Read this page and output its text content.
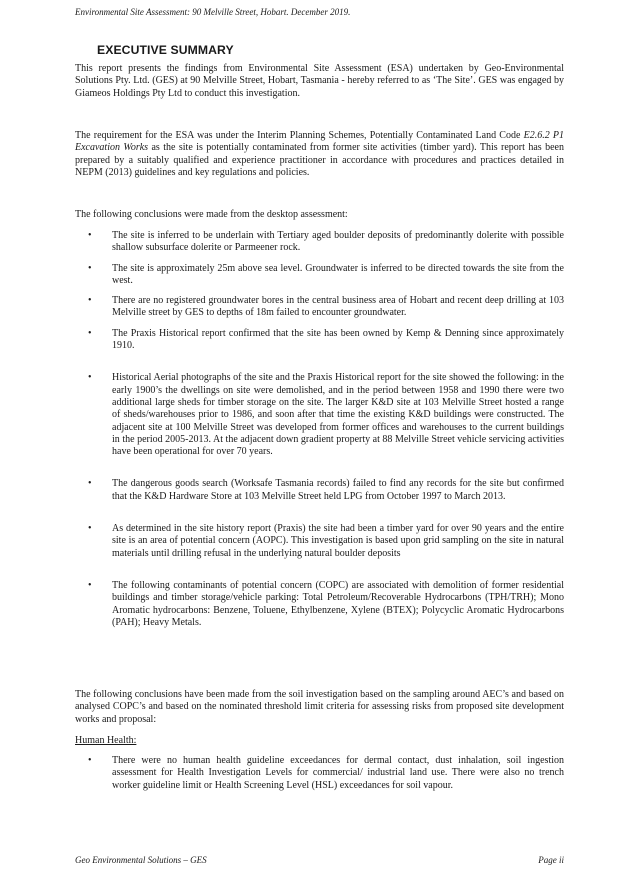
Environmental Site Assessment: 90 Melville Street, Hobart. December 2019.
EXECUTIVE SUMMARY

This report presents the findings from Environmental Site Assessment (ESA) undertaken by Geo-Environmental Solutions Pty. Ltd. (GES) at 90 Melville Street, Hobart, Tasmania - hereby referred to as ‘The Site’. GES was engaged by Giameos Holdings Pty Ltd to conduct this investigation.

The requirement for the ESA was under the Interim Planning Schemes, Potentially Contaminated Land Code E2.6.2 P1 Excavation Works as the site is potentially contaminated from former site activities (timber yard). This report has been prepared by a suitably qualified and experience practitioner in accordance with procedures and practices detailed in NEPM (2013) guidelines and key regulations and policies.

The following conclusions were made from the desktop assessment:

• The site is inferred to be underlain with Tertiary aged boulder deposits of predominantly dolerite with possible shallow subsurface dolerite or Parmeener rock.
• The site is approximately 25m above sea level. Groundwater is inferred to be directed towards the site from the west.
• There are no registered groundwater bores in the central business area of Hobart and recent deep drilling at 103 Melville street by GES to depths of 18m failed to encounter groundwater.
• The Praxis Historical report confirmed that the site has been owned by Kemp & Denning since approximately 1910.
• Historical Aerial photographs of the site and the Praxis Historical report for the site showed the following: in the early 1900’s the dwellings on site were demolished, and in the period between 1958 and 1990 there were two additional large sheds for timber storage on the site. The larger K&D site at 103 Melville Street hosted a range of sheds/warehouses prior to 1986, and soon after that time the existing K&D buildings were constructed. The adjacent site at 100 Melville Street was developed from former offices and warehouses to the current buildings in the period 2005-2013. At the adjacent down gradient property at 88 Melville Street vehicle servicing activities have been operational for over 70 years.
• The dangerous goods search (Worksafe Tasmania records) failed to find any records for the site but confirmed that the K&D Hardware Store at 103 Melville Street held LPG from October 1997 to March 2013.
• As determined in the site history report (Praxis) the site had been a timber yard for over 90 years and the entire site is an area of potential concern (AOPC). This investigation is based upon grid sampling on the site in natural materials until drilling refusal in the underlying natural boulder deposits
• The following contaminants of potential concern (COPC) are associated with demolition of former residential buildings and timber storage/vehicle parking: Total Petroleum/Recoverable Hydrocarbons (TPH/TRH); Mono Aromatic hydrocarbons: Benzene, Toluene, Ethylbenzene, Xylene (BTEX); Polycyclic Aromatic Hydrocarbons (PAH); Heavy Metals.

The following conclusions have been made from the soil investigation based on the sampling around AEC’s and based on analysed COPC’s and based on the nominated threshold limit criteria for assessing risks from proposed site development works and proposal:

Human Health:
• There were no human health guideline exceedances for dermal contact, dust inhalation, soil ingestion assessment for Health Investigation Levels for commercial/ industrial land use. There were also no trench worker guideline limit or Health Screening Level (HSL) exceedances for soil vapour.
Geo Environmental Solutions – GES	Page ii
